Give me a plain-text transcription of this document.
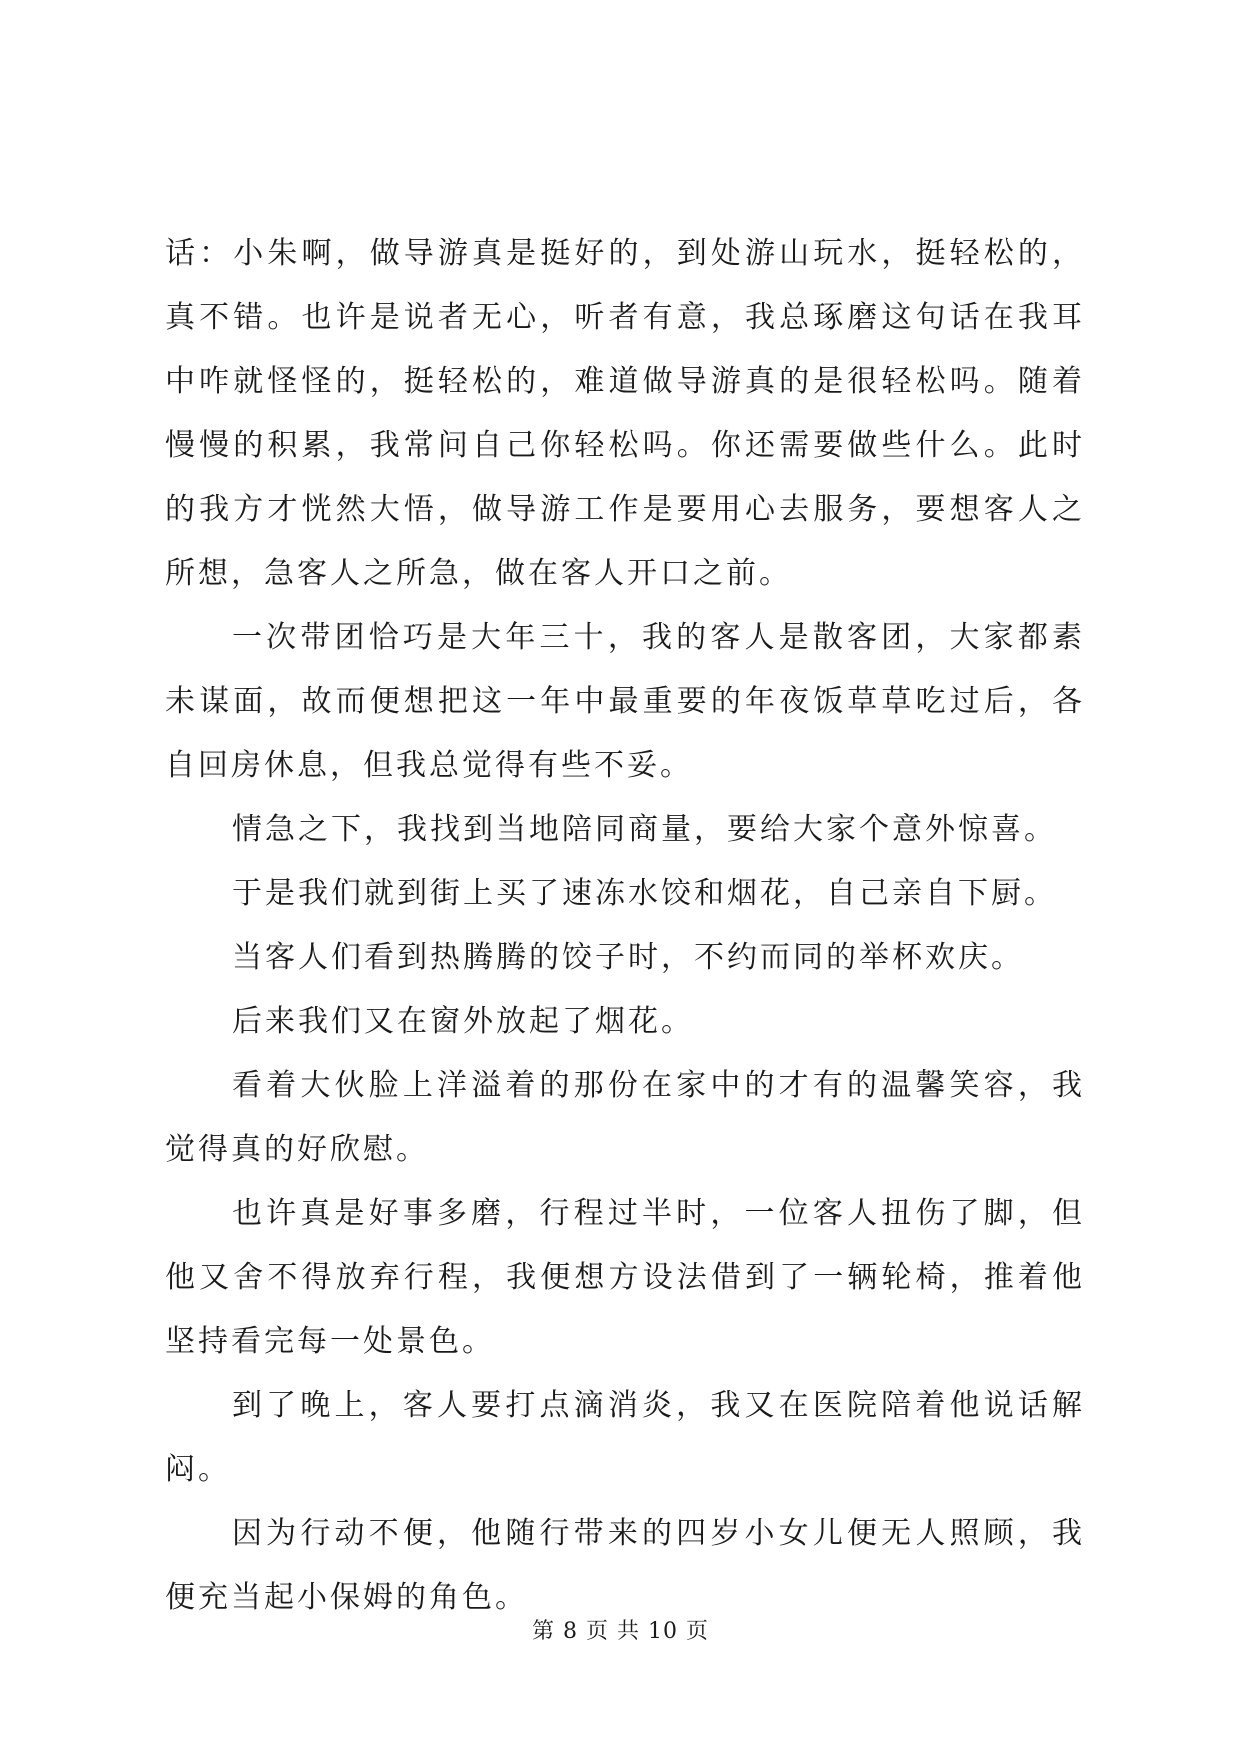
话：小朱啊，做导游真是挺好的，到处游山玩水，挺轻松的，真不错。也许是说者无心，听者有意，我总琢磨这句话在我耳中咋就怪怪的，挺轻松的，难道做导游真的是很轻松吗。随着慢慢的积累，我常问自己你轻松吗。你还需要做些什么。此时的我方才恍然大悟，做导游工作是要用心去服务，要想客人之所想，急客人之所急，做在客人开口之前。

一次带团恰巧是大年三十，我的客人是散客团，大家都素未谋面，故而便想把这一年中最重要的年夜饭草草吃过后，各自回房休息，但我总觉得有些不妥。

情急之下，我找到当地陪同商量，要给大家个意外惊喜。

于是我们就到街上买了速冻水饺和烟花，自己亲自下厨。

当客人们看到热腾腾的饺子时，不约而同的举杯欢庆。

后来我们又在窗外放起了烟花。

看着大伙脸上洋溢着的那份在家中的才有的温馨笑容，我觉得真的好欣慰。

也许真是好事多磨，行程过半时，一位客人扭伤了脚，但他又舍不得放弃行程，我便想方设法借到了一辆轮椅，推着他坚持看完每一处景色。

到了晚上，客人要打点滴消炎，我又在医院陪着他说话解闷。

因为行动不便，他随行带来的四岁小女儿便无人照顾，我便充当起小保姆的角色。

第 8 页 共 10 页
